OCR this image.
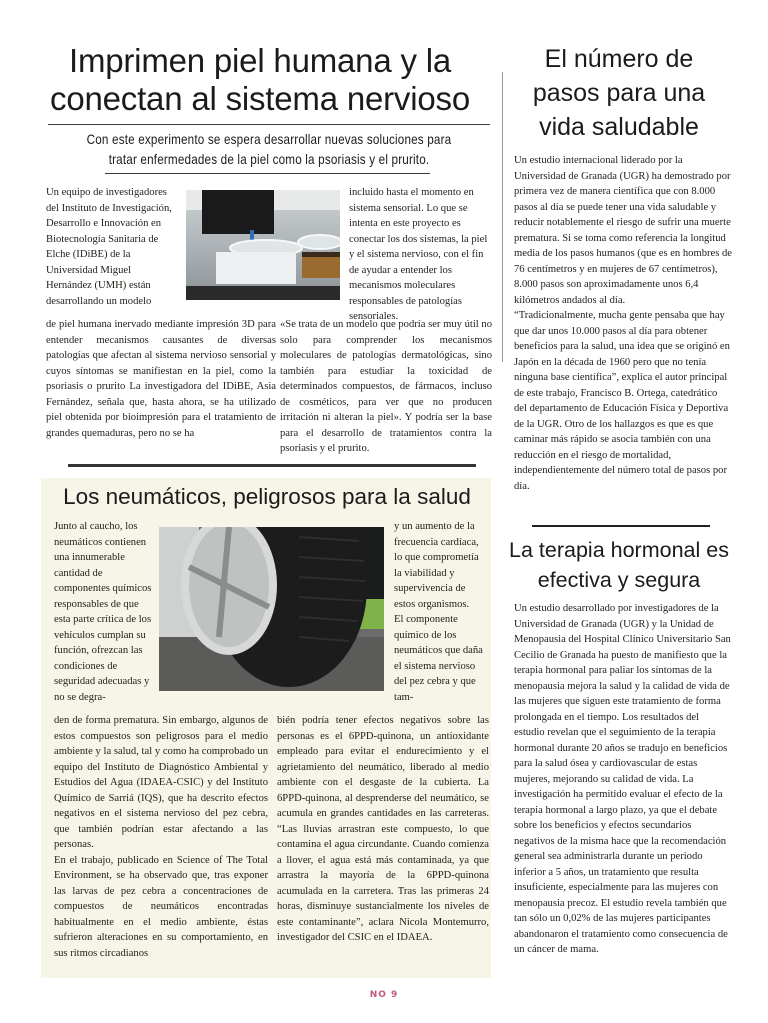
Imprimen piel humana y la conectan al sistema nervioso
Con este experimento se espera desarrollar nuevas soluciones para tratar enfermedades de la piel como la psoriasis y el prurito.

Un equipo de investigadores del Instituto de Investigación, Desarrollo e Innovación en Biotecnología Sanitaria de Elche (IDiBE) de la Universidad Miguel Hernández (UMH) están desarrollando un modelo

incluido hasta el momento en sistema sensorial. Lo que se intenta en este proyecto es conectar los dos sistemas, la piel y el sistema nervioso, con el fin de ayudar a entender los mecanismos moleculares responsables de patologías sensoriales.

de piel humana inervado mediante impresión 3D para entender mecanismos causantes de diversas patologías que afectan al sistema nervioso sensorial y cuyos síntomas se manifiestan en la piel, como la psoriasis o prurito La investigadora del IDiBE, Asia Fernández, señala que, hasta ahora, se ha utilizado piel obtenida por bioimpresión para el tratamiento de grandes quemaduras, pero no se ha

«Se trata de un modelo que podría ser muy útil no solo para comprender los mecanismos moleculares de patologías dermatológicas, sino también para estudiar la toxicidad de determinados compuestos, de fármacos, incluso de cosméticos, para ver que no producen irritación ni alteran la piel». Y podría ser la base para el desarrollo de tratamientos contra la psoriasis y el prurito.

Los neumáticos, peligrosos para la salud

Junto al caucho, los neumáticos contienen una innumerable cantidad de componentes químicos responsables de que esta parte crítica de los vehículos cumplan su función, ofrezcan las condiciones de seguridad adecuadas y no se degra-

y un aumento de la frecuencia cardíaca, lo que comprometía la viabilidad y supervivencia de estos organismos.
El componente químico de los neumáticos que daña el sistema nervioso del pez cebra y que tam-

den de forma prematura. Sin embargo, algunos de estos compuestos son peligrosos para el medio ambiente y la salud, tal y como ha comprobado un equipo del Instituto de Diagnóstico Ambiental y Estudios del Agua (IDAEA-CSIC) y del Instituto Químico de Sarriá (IQS), que ha descrito efectos negativos en el sistema nervioso del pez cebra, que también podrían estar afectando a las personas.

En el trabajo, publicado en Science of The Total Environment, se ha observado que, tras exponer las larvas de pez cebra a concentraciones de compuestos de neumáticos encontradas habitualmente en el medio ambiente, éstas sufrieron alteraciones en su comportamiento, en sus ritmos circadianos

bién podría tener efectos negativos sobre las personas es el 6PPD-quinona, un antioxidante empleado para evitar el endurecimiento y el agrietamiento del neumático, liberado al medio ambiente con el desgaste de la cubierta. La 6PPD-quinona, al desprenderse del neumático, se acumula en grandes cantidades en las carreteras. “Las lluvias arrastran este compuesto, lo que contamina el agua circundante. Cuando comienza a llover, el agua está más contaminada, ya que arrastra la mayoría de la 6PPD-quinona acumulada en la carretera. Tras las primeras 24 horas, disminuye sustancialmente los niveles de este contaminante”, aclara Nicola Montemurro, investigador del CSIC en el IDAEA.

El número de pasos para una vida saludable

Un estudio internacional liderado por la Universidad de Granada (UGR) ha demostrado por primera vez de manera científica que con 8.000 pasos al día se puede tener una vida saludable y reducir notablemente el riesgo de sufrir una muerte prematura. Si se toma como referencia la longitud media de los pasos humanos (que es en hombres de 76 centímetros y en mujeres de 67 centímetros), 8.000 pasos son aproximadamente unos 6,4 kilómetros andados al día.

“Tradicionalmente, mucha gente pensaba que hay que dar unos 10.000 pasos al día para obtener beneficios para la salud, una idea que se originó en Japón en la década de 1960 pero que no tenía ninguna base científica”, explica el autor principal de este trabajo, Francisco B. Ortega, catedrático del departamento de Educación Física y Deportiva de la UGR. Otro de los hallazgos es que es que caminar más rápido se asocia también con una reducción en el riesgo de mortalidad, independientemente del número total de pasos por día.

La terapia hormonal es efectiva y segura

Un estudio desarrollado por investigadores de la Universidad de Granada (UGR) y la Unidad de Menopausia del Hospital Clínico Universitario San Cecilio de Granada ha puesto de manifiesto que la terapia hormonal para paliar los síntomas de la menopausia mejora la salud y la calidad de vida de las mujeres que siguen este tratamiento de forma prolongada en el tiempo. Los resultados del estudio revelan que el seguimiento de la terapia hormonal durante 20 años se tradujo en beneficios para la salud ósea y cardiovascular de estas mujeres, mejorando su calidad de vida. La investigación ha permitido evaluar el efecto de la terapia hormonal a largo plazo, ya que el debate sobre los beneficios y efectos secundarios negativos de la misma hace que la recomendación general sea administrarla durante un periodo inferior a 5 años, un tratamiento que resulta insuficiente, especialmente para las mujeres con menopausia precoz. El estudio revela también que tan sólo un 0,02% de las mujeres participantes abandonaron el tratamiento como consecuencia de un cáncer de mama.

NO 9
